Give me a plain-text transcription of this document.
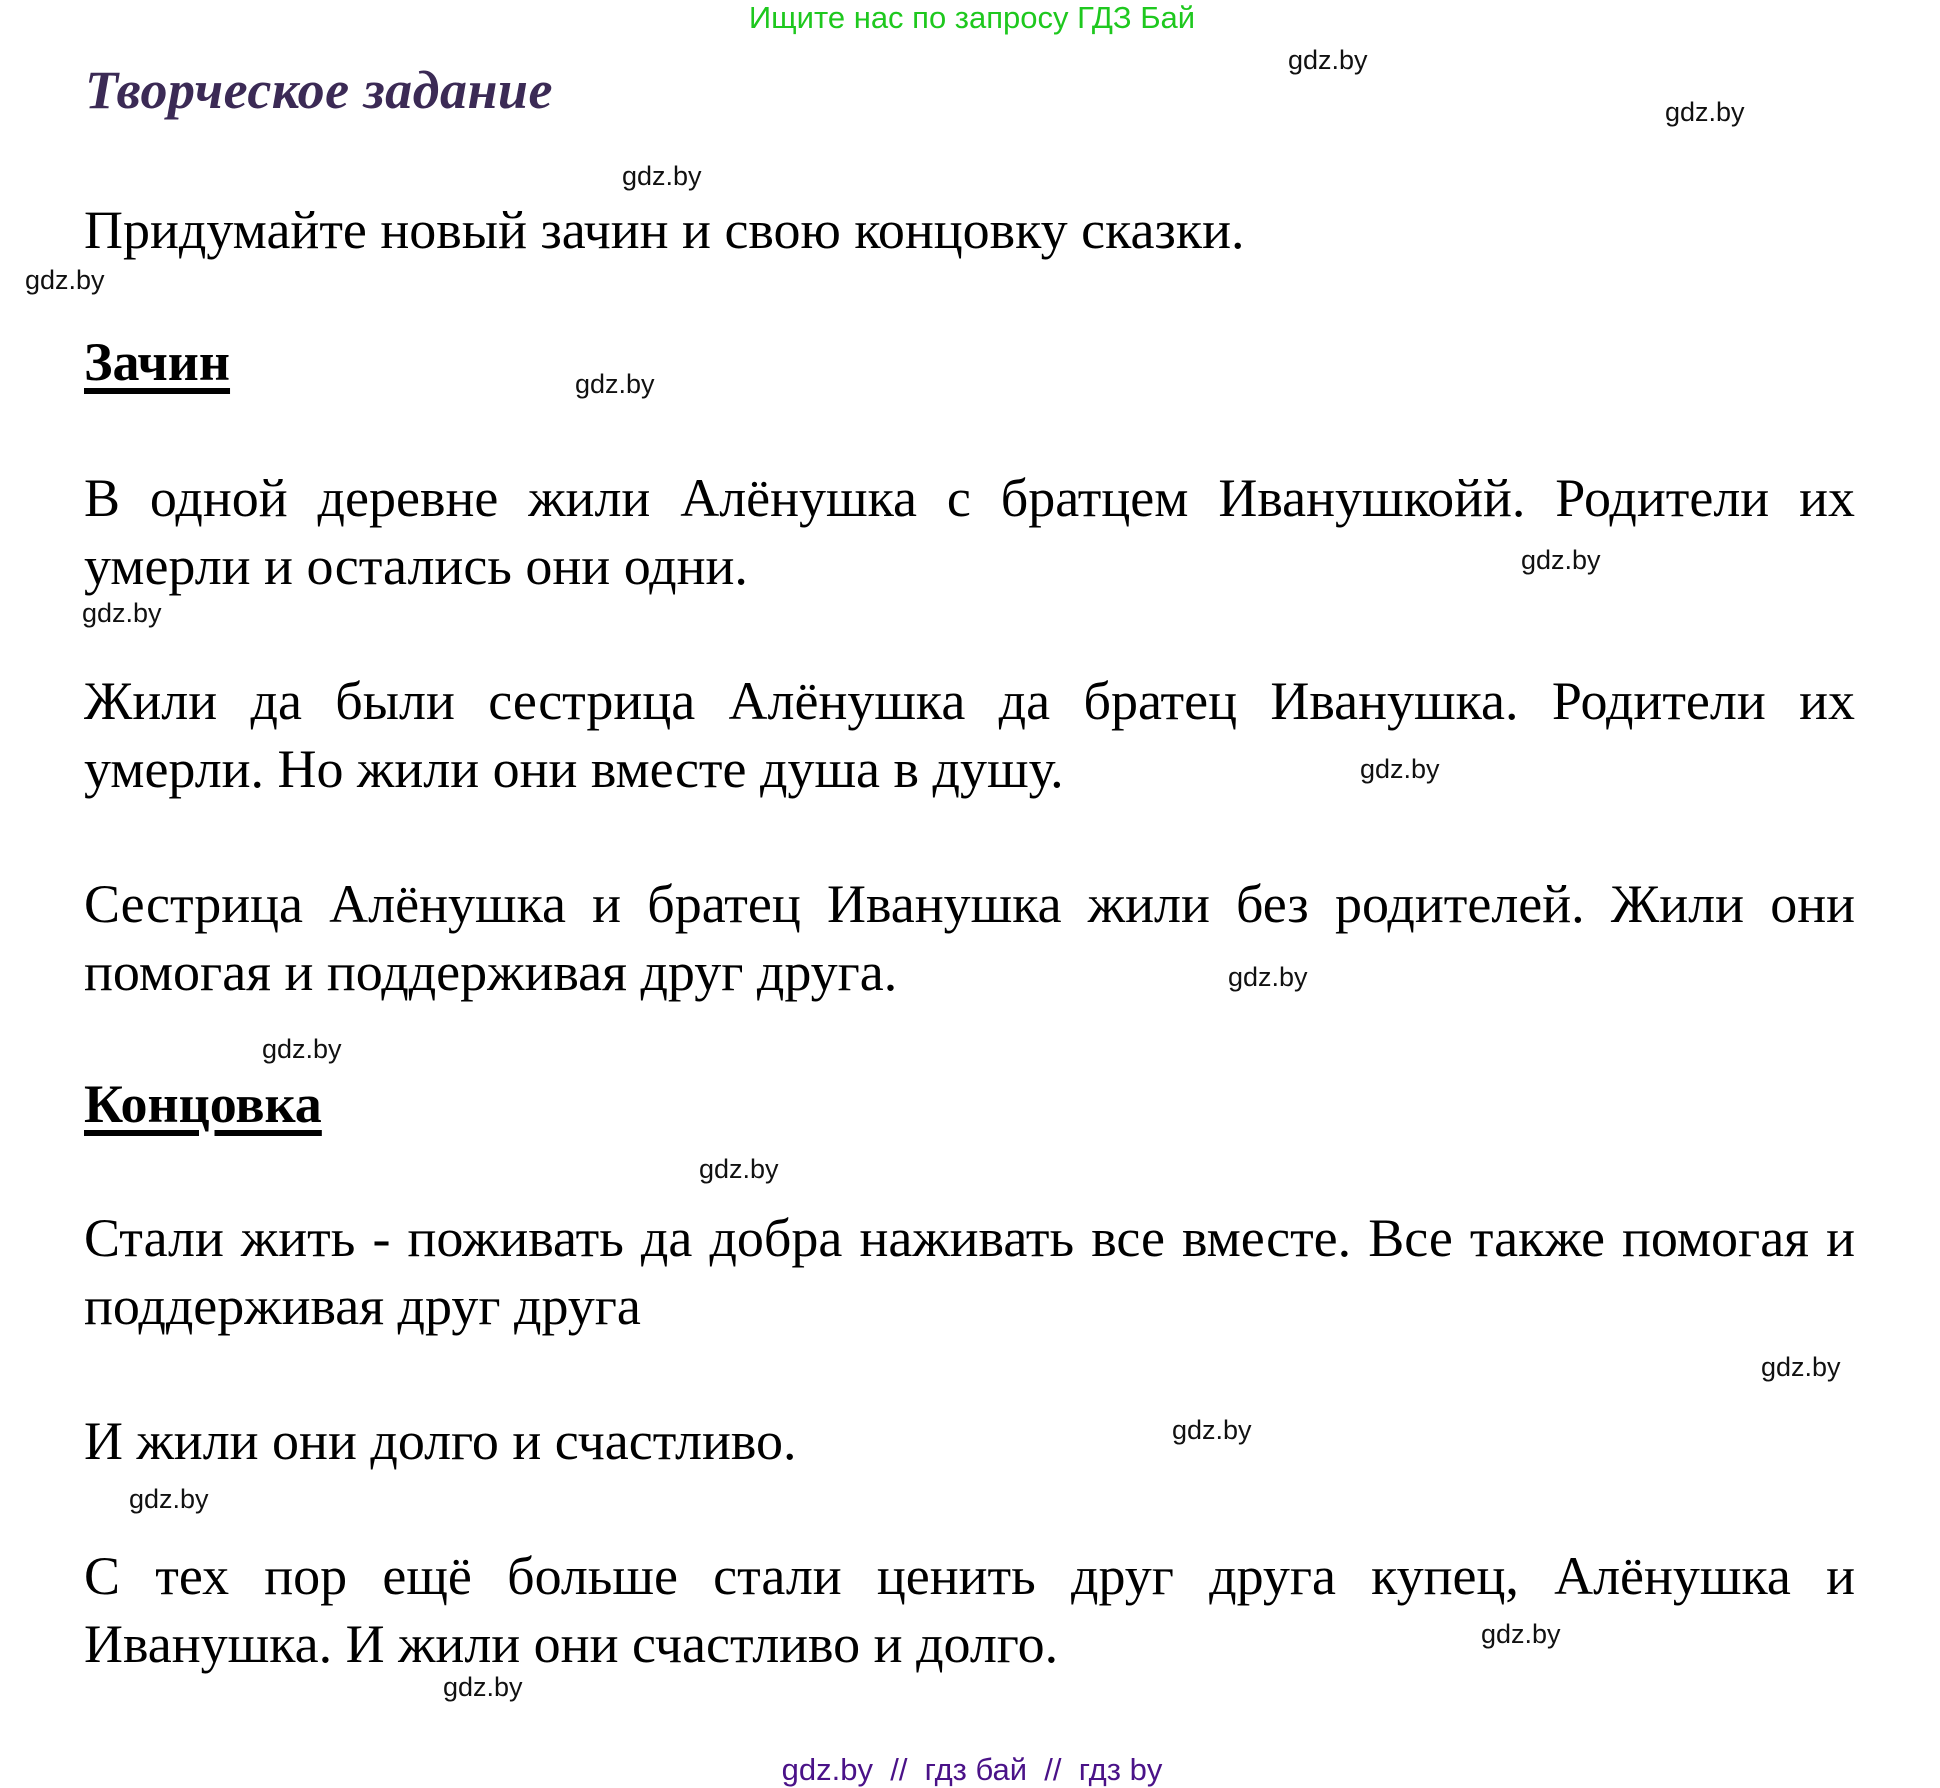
Ищите нас по запросу ГДЗ Бай
Творческое задание
Придумайте новый зачин и свою концовку сказки.
Зачин
В одной деревне жили Алёнушка с братцем Иванушкойй. Родители их умерли и остались они одни.
Жили да были сестрица Алёнушка да братец Иванушка. Родители их умерли. Но жили они вместе душа в душу.
Сестрица Алёнушка и братец Иванушка жили без родителей. Жили они помогая и поддерживая друг друга.
Концовка
Стали жить - поживать да добра наживать все вместе. Все также помогая и поддерживая друг друга
И жили они долго и счастливо.
С тех пор ещё больше стали ценить друг друга купец, Алёнушка и Иванушка. И жили они счастливо и долго.
gdz.by
gdz.by
gdz.by
gdz.by
gdz.by
gdz.by
gdz.by
gdz.by
gdz.by
gdz.by
gdz.by
gdz.by
gdz.by
gdz.by
gdz.by
gdz.by
gdz.by  //  гдз бай  //  гдз by
